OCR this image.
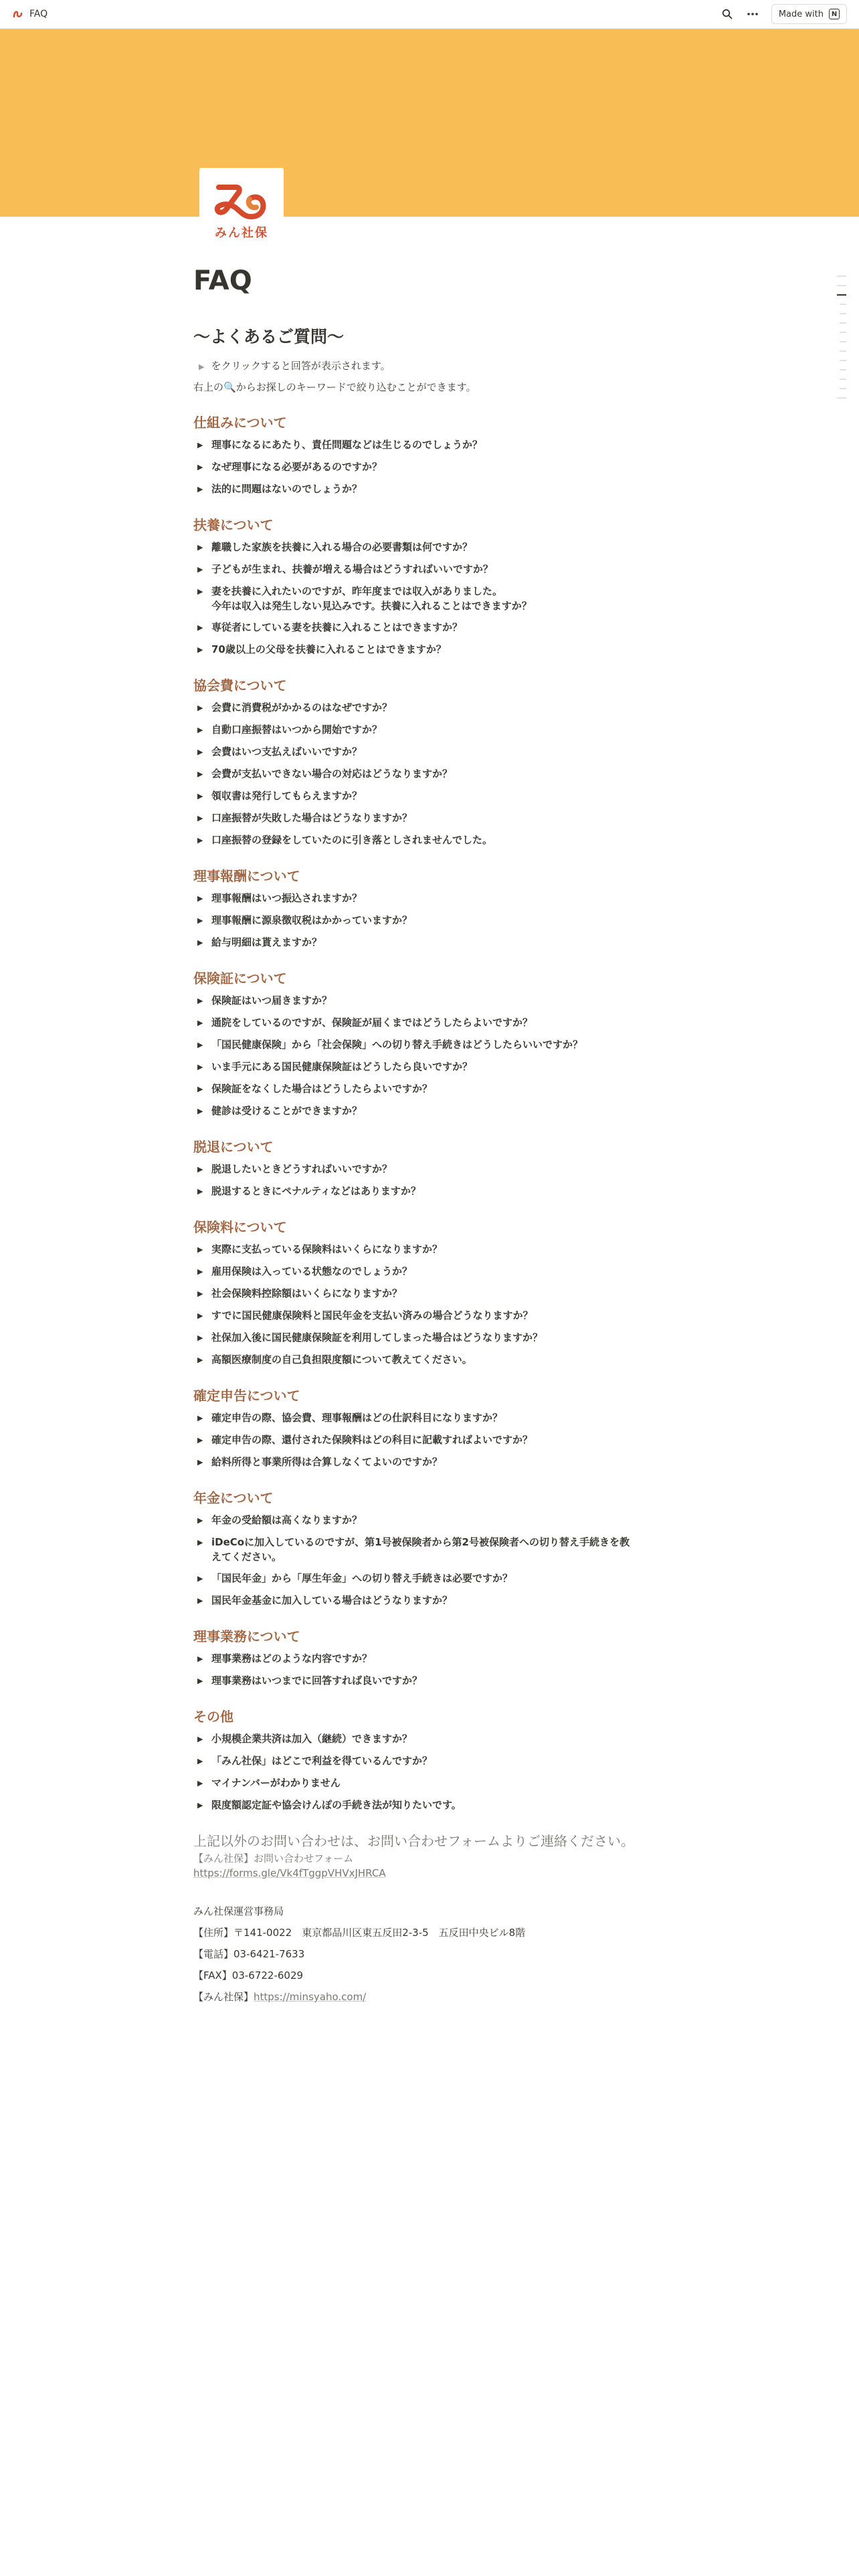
FAQ	Made with	N
みん社保
FAQ
〜よくあるご質問〜
▶ をクリックすると回答が表示されます。
右上の🔍からお探しのキーワードで絞り込むことができます。
仕組みについて
▶ 理事になるにあたり、責任問題などは生じるのでしょうか？
▶ なぜ理事になる必要があるのですか？
▶ 法的に問題はないのでしょうか？
扶養について
▶ 離職した家族を扶養に入れる場合の必要書類は何ですか？
▶ 子どもが生まれ、扶養が増える場合はどうすればいいですか？
▶ 妻を扶養に入れたいのですが、昨年度までは収入がありました。
今年は収入は発生しない見込みです。扶養に入れることはできますか？
▶ 専従者にしている妻を扶養に入れることはできますか？
▶ 70歳以上の父母を扶養に入れることはできますか？
協会費について
▶ 会費に消費税がかかるのはなぜですか？
▶ 自動口座振替はいつから開始ですか？
▶ 会費はいつ支払えばいいですか？
▶ 会費が支払いできない場合の対応はどうなりますか？
▶ 領収書は発行してもらえますか？
▶ 口座振替が失敗した場合はどうなりますか？
▶ 口座振替の登録をしていたのに引き落としされませんでした。
理事報酬について
▶ 理事報酬はいつ振込されますか？
▶ 理事報酬に源泉徴収税はかかっていますか？
▶ 給与明細は貰えますか？
保険証について
▶ 保険証はいつ届きますか？
▶ 通院をしているのですが、保険証が届くまではどうしたらよいですか？
▶ 「国民健康保険」から「社会保険」への切り替え手続きはどうしたらいいですか？
▶ いま手元にある国民健康保険証はどうしたら良いですか？
▶ 保険証をなくした場合はどうしたらよいですか？
▶ 健診は受けることができますか？
脱退について
▶ 脱退したいときどうすればいいですか？
▶ 脱退するときにペナルティなどはありますか？
保険料について
▶ 実際に支払っている保険料はいくらになりますか？
▶ 雇用保険は入っている状態なのでしょうか？
▶ 社会保険料控除額はいくらになりますか？
▶ すでに国民健康保険料と国民年金を支払い済みの場合どうなりますか？
▶ 社保加入後に国民健康保険証を利用してしまった場合はどうなりますか？
▶ 高額医療制度の自己負担限度額について教えてください。
確定申告について
▶ 確定申告の際、協会費、理事報酬はどの仕訳科目になりますか？
▶ 確定申告の際、還付された保険料はどの科目に記載すればよいですか？
▶ 給料所得と事業所得は合算しなくてよいのですか？
年金について
▶ 年金の受給額は高くなりますか？
▶ iDeCoに加入しているのですが、第1号被保険者から第2号被保険者への切り替え手続きを教
えてください。
▶ 「国民年金」から「厚生年金」への切り替え手続きは必要ですか？
▶ 国民年金基金に加入している場合はどうなりますか？
理事業務について
▶ 理事業務はどのような内容ですか？
▶ 理事業務はいつまでに回答すれば良いですか？
その他
▶ 小規模企業共済は加入（継続）できますか？
▶ 「みん社保」はどこで利益を得ているんですか？
▶ マイナンバーがわかりません
▶ 限度額認定証や協会けんぽの手続き法が知りたいです。
上記以外のお問い合わせは、お問い合わせフォームよりご連絡ください。
【みん社保】お問い合わせフォーム
https://forms.gle/Vk4fTggpVHVxJHRCA
みん社保運営事務局
【住所】〒141-0022　東京都品川区東五反田2-3-5　五反田中央ビル8階
【電話】03-6421-7633
【FAX】03-6722-6029
【みん社保】https://minsyaho.com/
